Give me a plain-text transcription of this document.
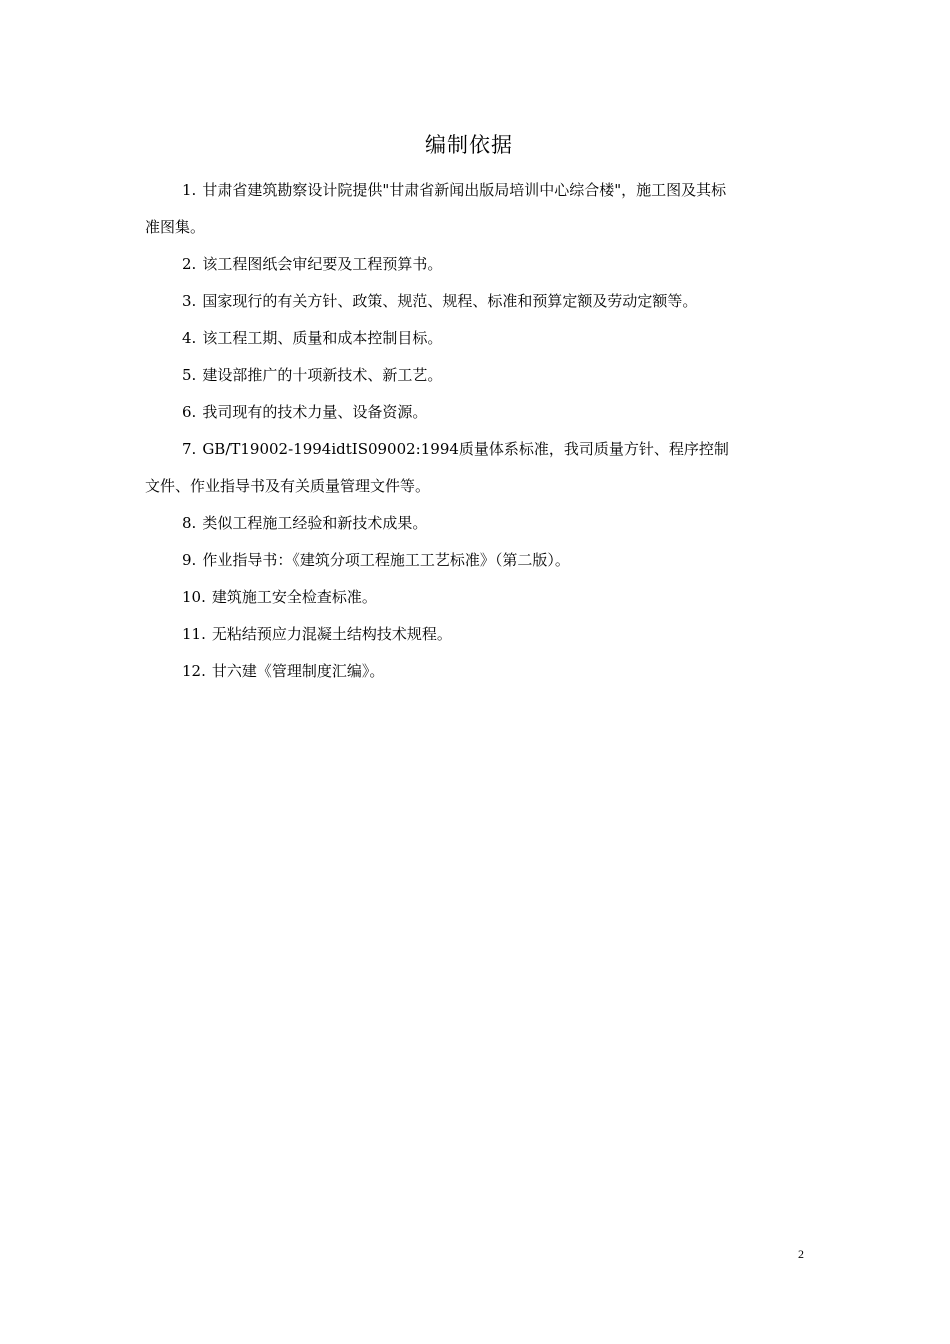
编制依据
1. 甘肃省建筑勘察设计院提供"甘肃省新闻出版局培训中心综合楼"，施工图及其标准图集。
2. 该工程图纸会审纪要及工程预算书。
3. 国家现行的有关方针、政策、规范、规程、标准和预算定额及劳动定额等。
4. 该工程工期、质量和成本控制目标。
5. 建设部推广的十项新技术、新工艺。
6. 我司现有的技术力量、设备资源。
7. GB/T19002-1994idtIS09002:1994质量体系标准，我司质量方针、程序控制文件、作业指导书及有关质量管理文件等。
8. 类似工程施工经验和新技术成果。
9. 作业指导书：《建筑分项工程施工工艺标准》（第二版）。
10. 建筑施工安全检查标准。
11. 无粘结预应力混凝土结构技术规程。
12. 甘六建《管理制度汇编》。
2
